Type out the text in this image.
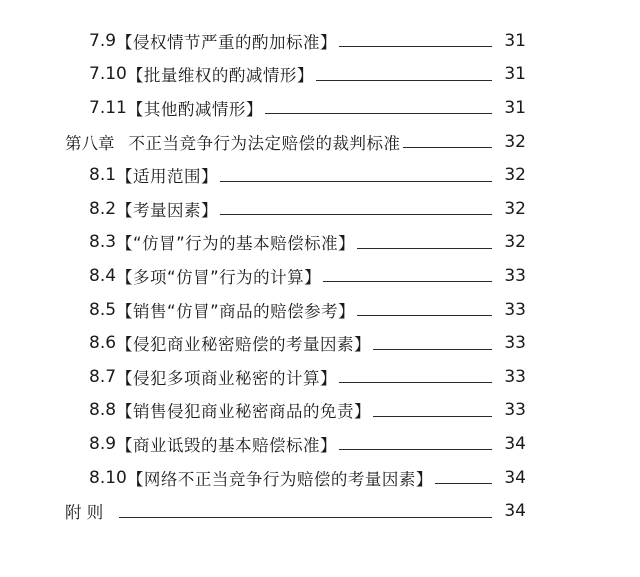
7.9 【侵权情节严重的酌加标准】	31
7.10 【批量维权的酌减情形】	31
7.11 【其他酌减情形】	31
第八章 不正当竞争行为法定赔偿的裁判标准	32
8.1 【适用范围】	32
8.2 【考量因素】	32
8.3 【“仿冒”行为的基本赔偿标准】	32
8.4 【多项“仿冒”行为的计算】	33
8.5 【销售“仿冒”商品的赔偿参考】	33
8.6 【侵犯商业秘密赔偿的考量因素】	33
8.7 【侵犯多项商业秘密的计算】	33
8.8 【销售侵犯商业秘密商品的免责】	33
8.9 【商业诋毁的基本赔偿标准】	34
8.10 【网络不正当竞争行为赔偿的考量因素】	34
附 则	34
